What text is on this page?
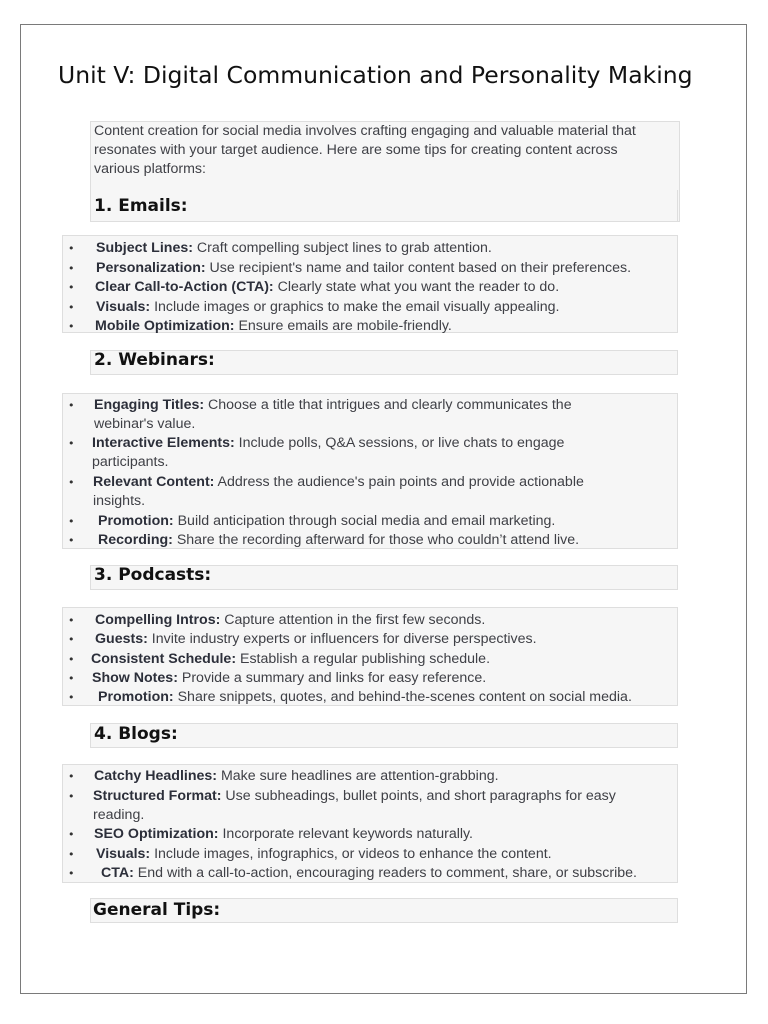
Unit V: Digital Communication and Personality Making

Content creation for social media involves crafting engaging and valuable material that resonates with your target audience. Here are some tips for creating content across various platforms:

1. Emails:
• Subject Lines: Craft compelling subject lines to grab attention.
• Personalization: Use recipient's name and tailor content based on their preferences.
• Clear Call-to-Action (CTA): Clearly state what you want the reader to do.
• Visuals: Include images or graphics to make the email visually appealing.
• Mobile Optimization: Ensure emails are mobile-friendly.
2. Webinars:
• Engaging Titles: Choose a title that intrigues and clearly communicates the webinar's value.
• Interactive Elements: Include polls, Q&A sessions, or live chats to engage participants.
• Relevant Content: Address the audience's pain points and provide actionable insights.
• Promotion: Build anticipation through social media and email marketing.
• Recording: Share the recording afterward for those who couldn’t attend live.
3. Podcasts:
• Compelling Intros: Capture attention in the first few seconds.
• Guests: Invite industry experts or influencers for diverse perspectives.
• Consistent Schedule: Establish a regular publishing schedule.
• Show Notes: Provide a summary and links for easy reference.
• Promotion: Share snippets, quotes, and behind-the-scenes content on social media.
4. Blogs:
• Catchy Headlines: Make sure headlines are attention-grabbing.
• Structured Format: Use subheadings, bullet points, and short paragraphs for easy reading.
• SEO Optimization: Incorporate relevant keywords naturally.
• Visuals: Include images, infographics, or videos to enhance the content.
• CTA: End with a call-to-action, encouraging readers to comment, share, or subscribe.
General Tips:
